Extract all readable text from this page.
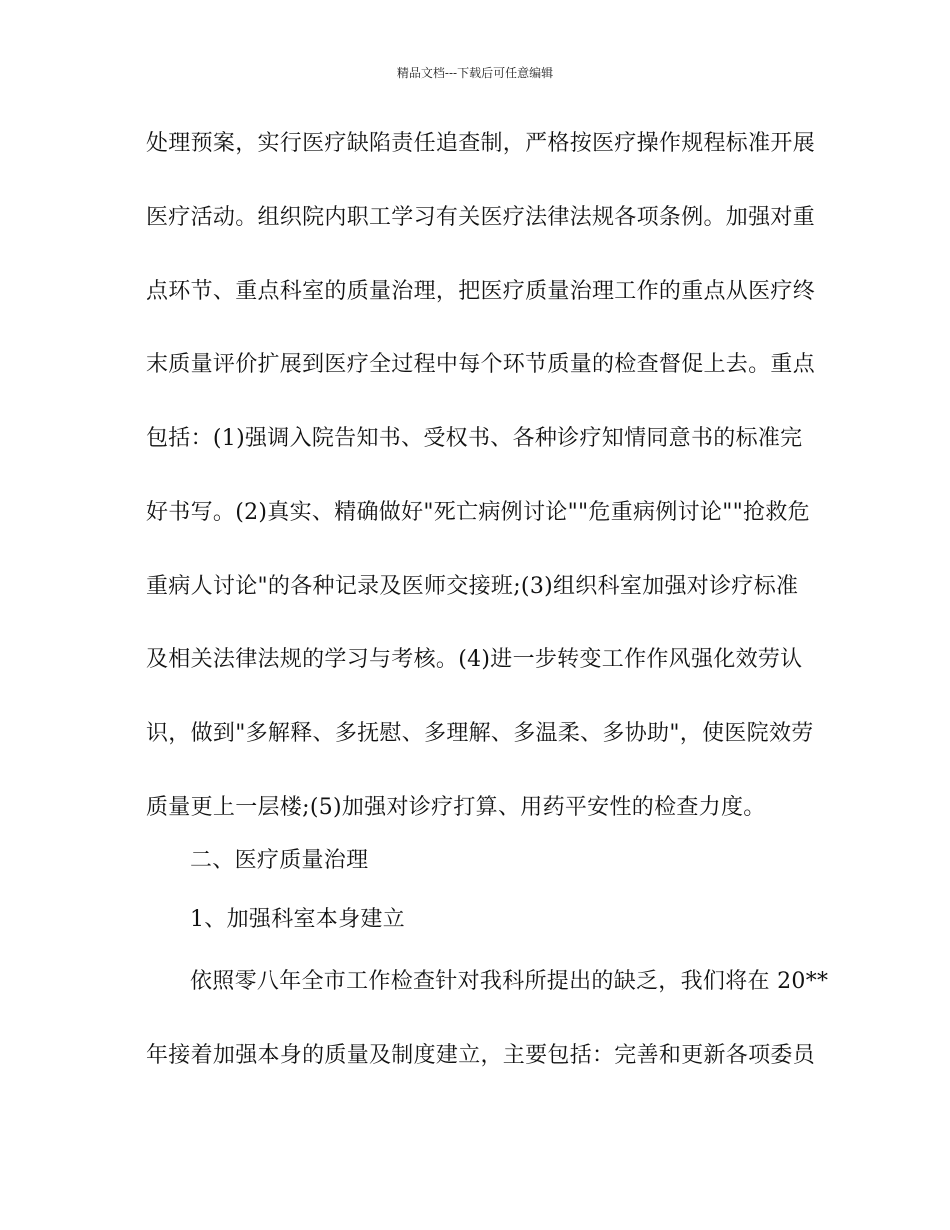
精品文档---下载后可任意编辑
处理预案，实行医疗缺陷责任追查制，严格按医疗操作规程标准开展
医疗活动。组织院内职工学习有关医疗法律法规各项条例。加强对重
点环节、重点科室的质量治理，把医疗质量治理工作的重点从医疗终
末质量评价扩展到医疗全过程中每个环节质量的检查督促上去。重点
包括：(1)强调入院告知书、受权书、各种诊疗知情同意书的标准完
好书写。(2)真实、精确做好"死亡病例讨论""危重病例讨论""抢救危
重病人讨论"的各种记录及医师交接班;(3)组织科室加强对诊疗标准
及相关法律法规的学习与考核。(4)进一步转变工作作风强化效劳认
识，做到"多解释、多抚慰、多理解、多温柔、多协助"，使医院效劳
质量更上一层楼;(5)加强对诊疗打算、用药平安性的检查力度。
二、医疗质量治理
1、加强科室本身建立
依照零八年全市工作检查针对我科所提出的缺乏，我们将在 20**
年接着加强本身的质量及制度建立，主要包括：完善和更新各项委员
